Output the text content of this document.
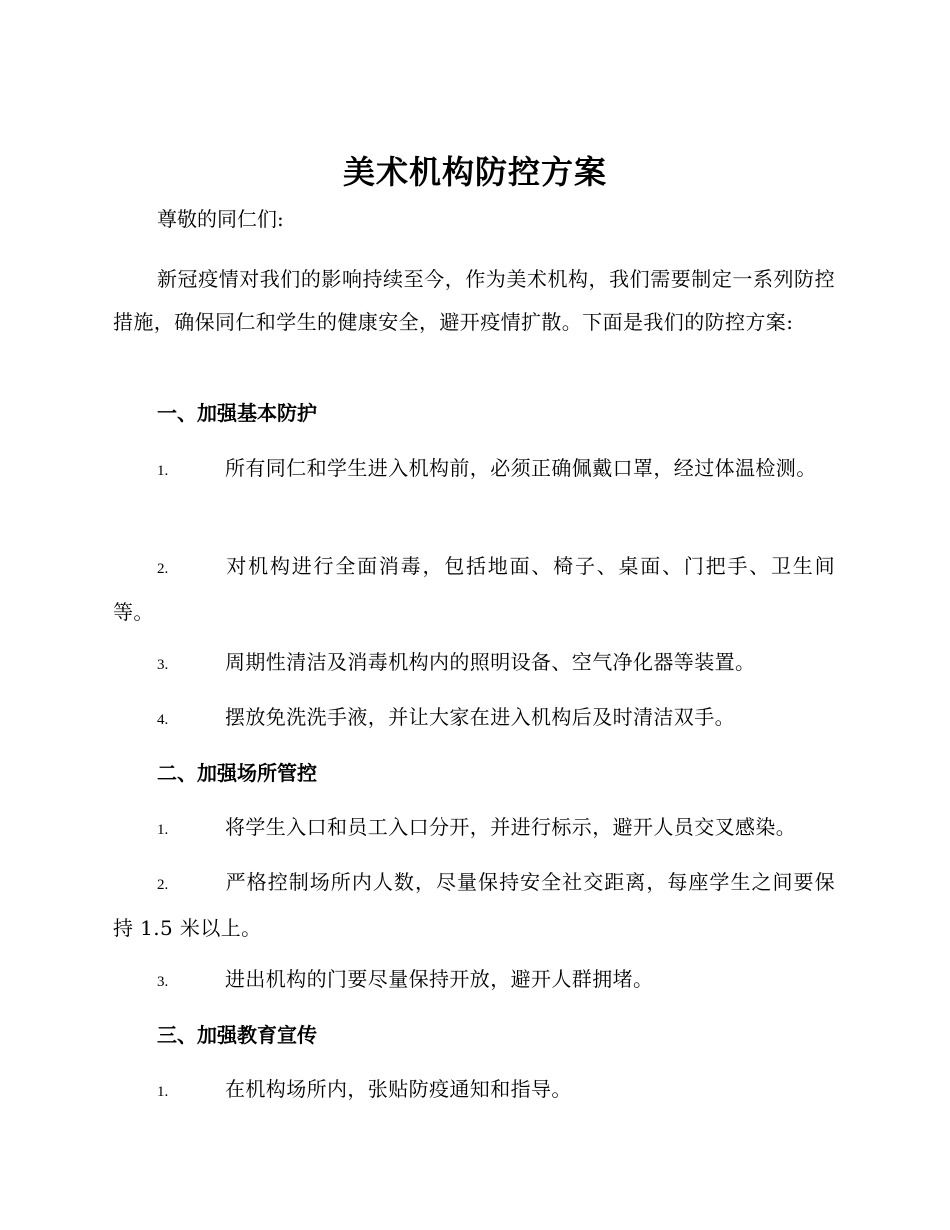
美术机构防控方案
尊敬的同仁们:
新冠疫情对我们的影响持续至今，作为美术机构，我们需要制定一系列防控措施，确保同仁和学生的健康安全，避开疫情扩散。下面是我们的防控方案:
一、加强基本防护
1.	所有同仁和学生进入机构前，必须正确佩戴口罩，经过体温检测。
2.	对机构进行全面消毒，包括地面、椅子、桌面、门把手、卫生间等。
3.	周期性清洁及消毒机构内的照明设备、空气净化器等装置。
4.	摆放免洗洗手液，并让大家在进入机构后及时清洁双手。
二、加强场所管控
1.	将学生入口和员工入口分开，并进行标示，避开人员交叉感染。
2.	严格控制场所内人数，尽量保持安全社交距离，每座学生之间要保持 1.5 米以上。
3.	进出机构的门要尽量保持开放，避开人群拥堵。
三、加强教育宣传
1.	在机构场所内，张贴防疫通知和指导。
